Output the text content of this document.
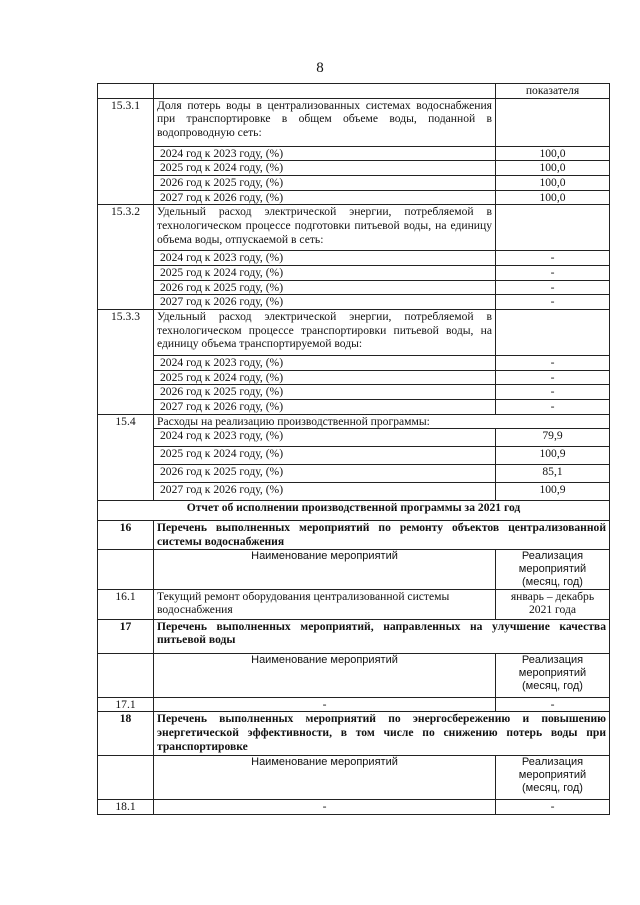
8
		показателя
15.3.1	Доля потерь воды в централизованных системах водоснабжения при транспортировке в общем объеме воды, поданной в водопроводную сеть:	
	2024 год к 2023 году, (%)	100,0
	2025 год к 2024 году, (%)	100,0
	2026 год к 2025 году, (%)	100,0
	2027 год к 2026 году, (%)	100,0
15.3.2	Удельный расход электрической энергии, потребляемой в технологическом процессе подготовки питьевой воды, на единицу объема воды, отпускаемой в сеть:	
	2024 год к 2023 году, (%)	-
	2025 год к 2024 году, (%)	-
	2026 год к 2025 году, (%)	-
	2027 год к 2026 году, (%)	-
15.3.3	Удельный расход электрической энергии, потребляемой в технологическом процессе транспортировки питьевой воды, на единицу объема транспортируемой воды:	
	2024 год к 2023 году, (%)	-
	2025 год к 2024 году, (%)	-
	2026 год к 2025 году, (%)	-
	2027 год к 2026 году, (%)	-
15.4	Расходы на реализацию производственной программы:	
	2024 год к 2023 году, (%)	79,9
	2025 год к 2024 году, (%)	100,9
	2026 год к 2025 году, (%)	85,1
	2027 год к 2026 году, (%)	100,9
Отчет об исполнении производственной программы за 2021 год		
16	Перечень выполненных мероприятий по ремонту объектов централизованной системы водоснабжения	
	Наименование мероприятий	Реализация мероприятий (месяц, год)
16.1	Текущий ремонт оборудования централизованной системы водоснабжения	январь – декабрь 2021 года
17	Перечень выполненных мероприятий, направленных на улучшение качества питьевой воды	
	Наименование мероприятий	Реализация мероприятий (месяц, год)
17.1	-	-
18	Перечень выполненных мероприятий по энергосбережению и повышению энергетической эффективности, в том числе по снижению потерь воды при транспортировке	
	Наименование мероприятий	Реализация мероприятий (месяц, год)
18.1	-	-
